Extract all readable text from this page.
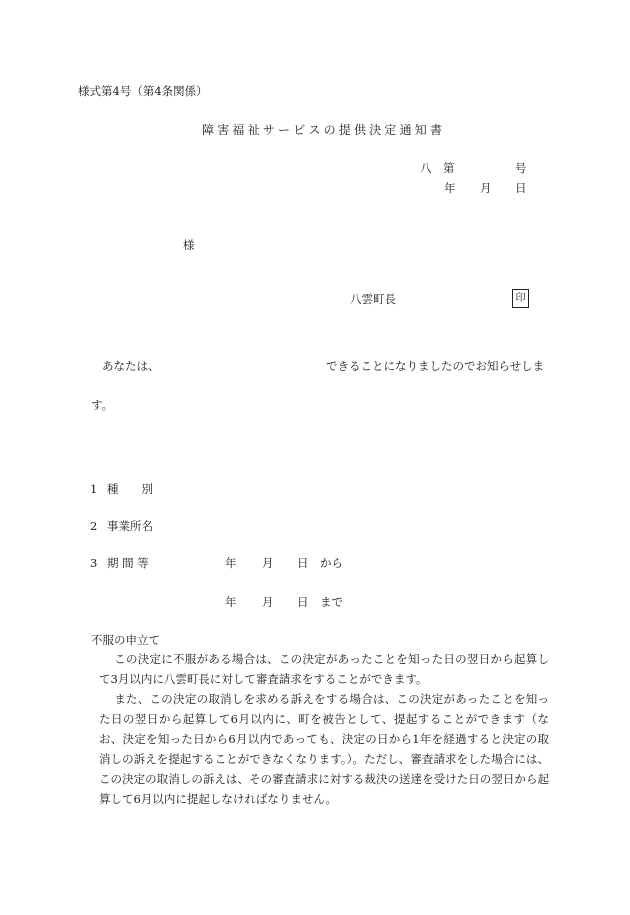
様式第4号（第4条関係）
障害福祉サービスの提供決定通知書
八　第	号
年 月 日
様
八雲町長	印
あなたは、	できることになりましたのでお知らせしま
す。
1 種　　別
2 事業所名
3 期 間 等	年 月 日 から
年 月 日 まで
不服の申立て
この決定に不服がある場合は、この決定があったことを知った日の翌日から起算して3月以内に八雲町長に対して審査請求をすることができます。
また、この決定の取消しを求める訴えをする場合は、この決定があったことを知った日の翌日から起算して6月以内に、町を被告として、提起することができます（なお、決定を知った日から6月以内であっても、決定の日から1年を経過すると決定の取消しの訴えを提起することができなくなります。）。ただし、審査請求をした場合には、この決定の取消しの訴えは、その審査請求に対する裁決の送達を受けた日の翌日から起算して6月以内に提起しなければなりません。
